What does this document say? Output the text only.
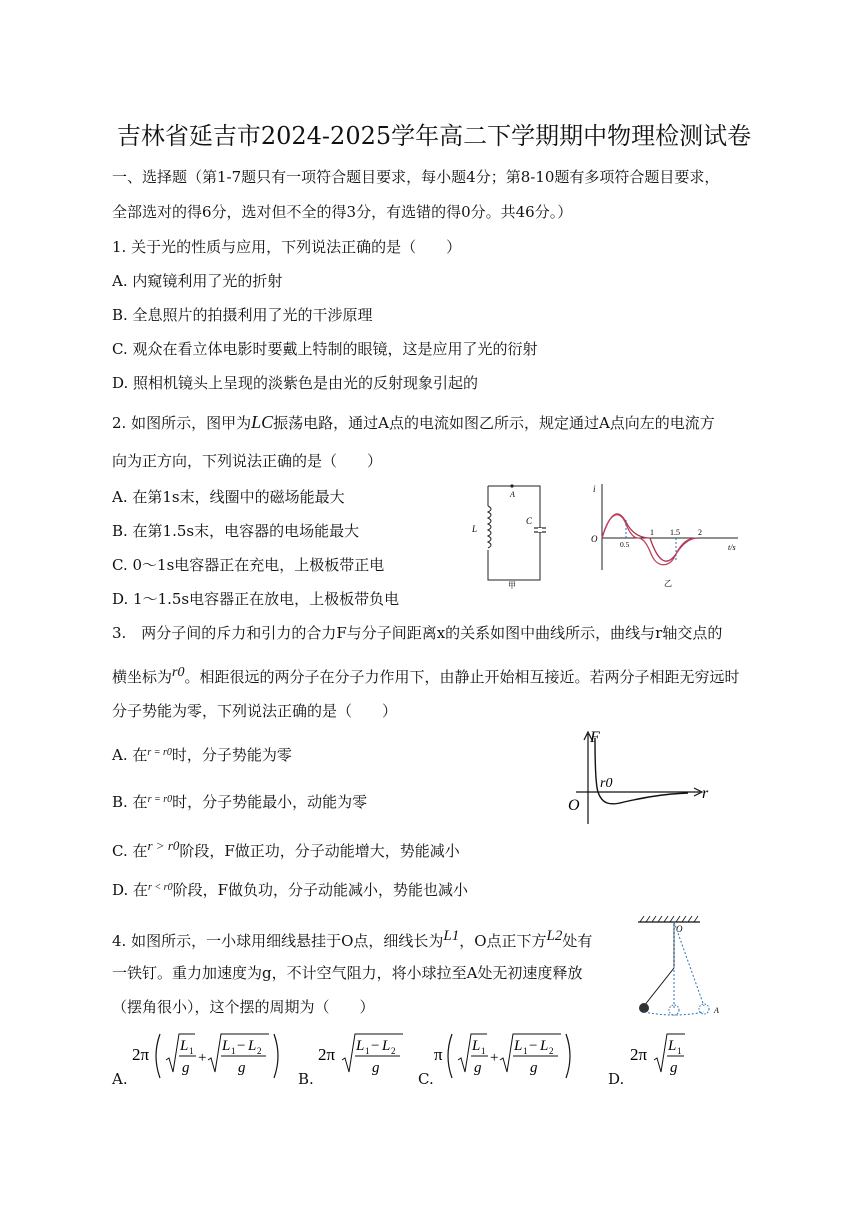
吉林省延吉市2024-2025学年高二下学期期中物理检测试卷
一、选择题（第1-7题只有一项符合题目要求，每小题4分；第8-10题有多项符合题目要求，
全部选对的得6分，选对但不全的得3分，有选错的得0分。共46分。）
1. 关于光的性质与应用，下列说法正确的是（　　）
A. 内窥镜利用了光的折射
B. 全息照片的拍摄利用了光的干涉原理
C. 观众在看立体电影时要戴上特制的眼镜，这是应用了光的衍射
D. 照相机镜头上呈现的淡紫色是由光的反射现象引起的
2. 如图所示，图甲为LC振荡电路，通过A点的电流如图乙所示，规定通过A点向左的电流方
向为正方向，下列说法正确的是（　　）
A. 在第1s末，线圈中的磁场能最大
B. 在第1.5s末，电容器的电场能最大
C. 0～1s电容器正在充电，上极板带正电
D. 1～1.5s电容器正在放电，上极板带负电
A
L
C
甲
i
O
t/s
0.5
1 1.5 2
乙
3.　两分子间的斥力和引力的合力F与分子间距离x的关系如图中曲线所示，曲线与r轴交点的
横坐标为r0。相距很远的两分子在分子力作用下，由静止开始相互接近。若两分子相距无穷远时
分子势能为零，下列说法正确的是（　　）
A. 在$^{r = r0}$时，分子势能为零
B. 在$^{r = r0}$时，分子势能最小，动能为零
C. 在r > r0阶段，F做正功，分子动能增大，势能减小
D. 在$^{r < r0}$阶段，F做负功，分子动能减小，势能也减小
F
r
O
r0
4. 如图所示，一小球用细线悬挂于O点，细线长为L1，O点正下方L2处有
一铁钉。重力加速度为g，不计空气阻力，将小球拉至A处无初速度释放
（摆角很小），这个摆的周期为（　　）
O
A
A.
2π L 1
g
+
L 1 − L 2
g
B.
2π L 1 − L 2
g
C.
π L 1
g
+
L 1 − L 2
g
D.
2π L 1
g
